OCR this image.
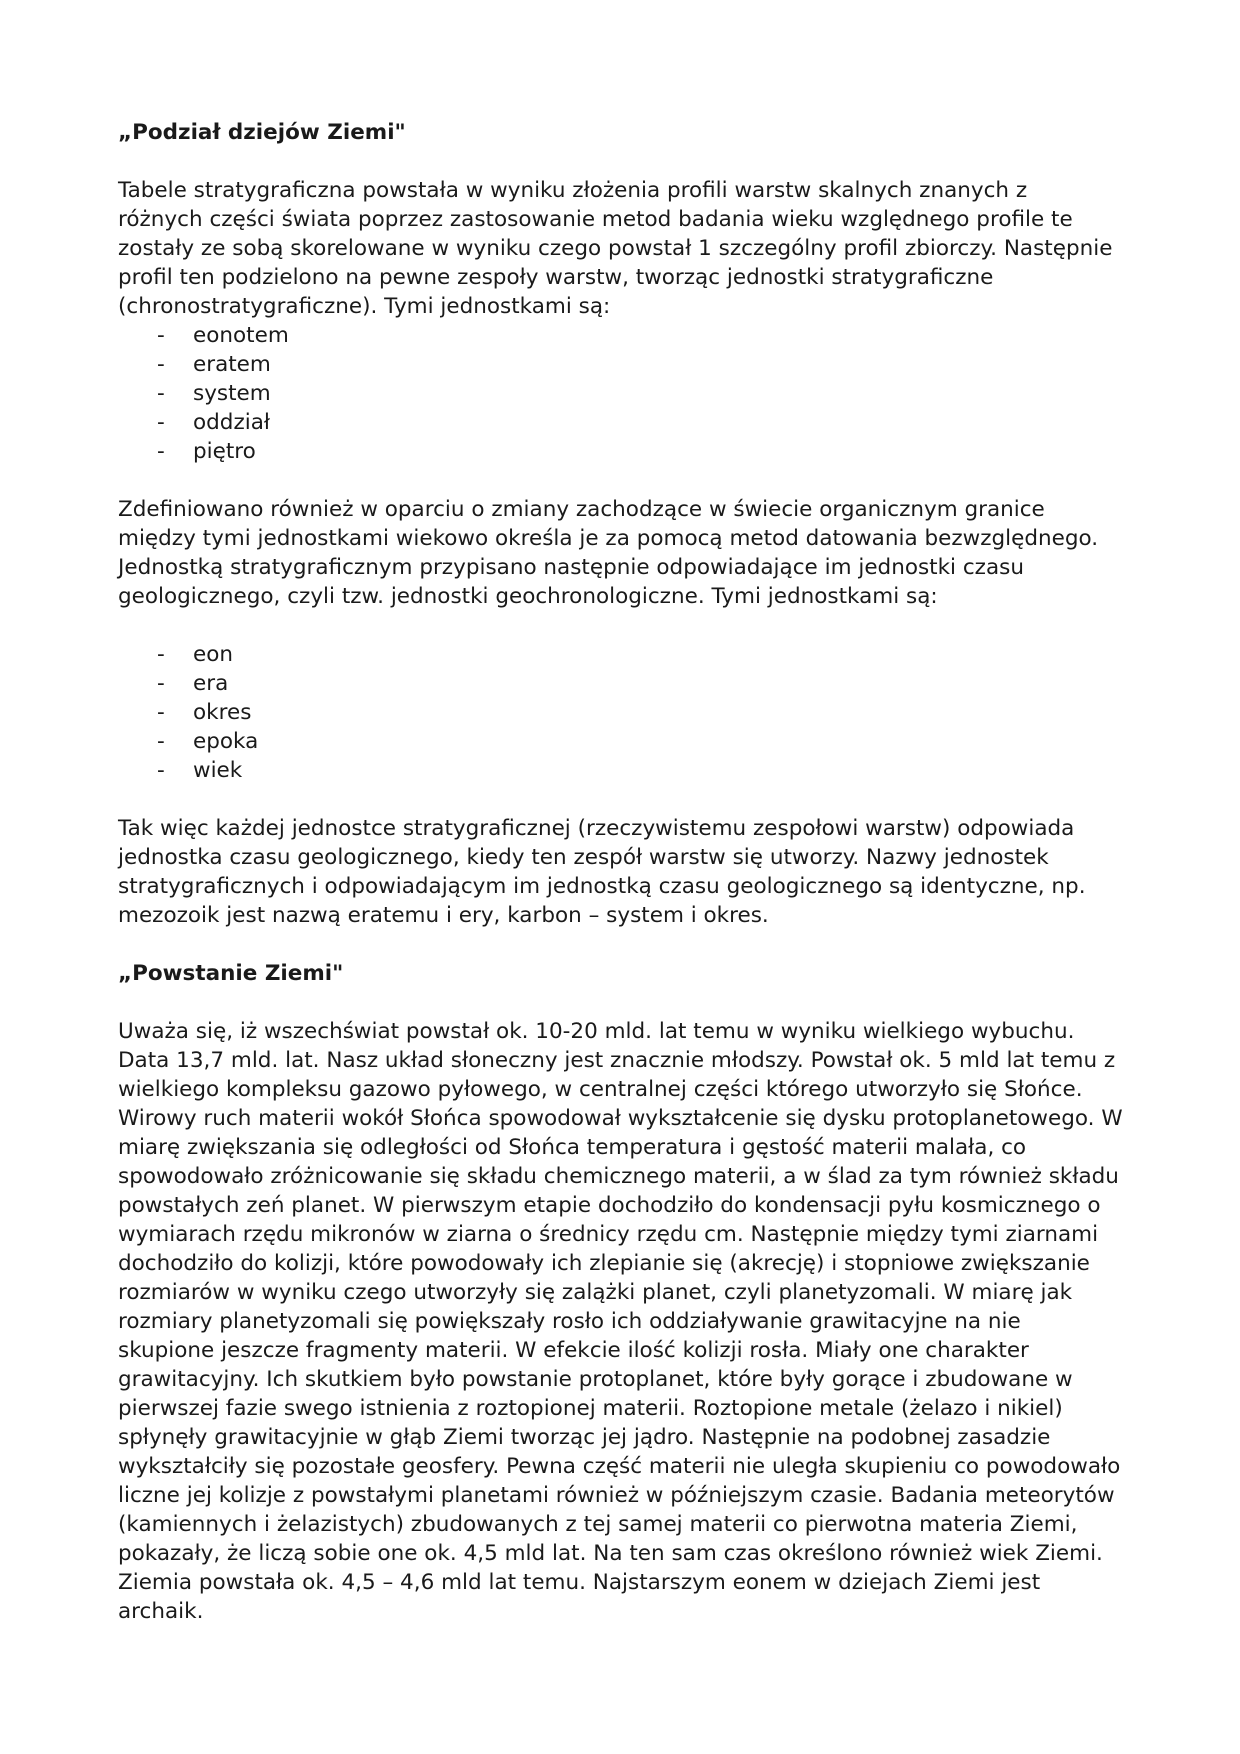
„Podział dziejów Ziemi"

Tabele stratygraficzna powstała w wyniku złożenia profili warstw skalnych znanych z różnych części świata poprzez zastosowanie metod badania wieku względnego profile te zostały ze sobą skorelowane w wyniku czego powstał 1 szczególny profil zbiorczy. Następnie profil ten podzielono na pewne zespoły warstw, tworząc jednostki stratygraficzne (chronostratygraficzne). Tymi jednostkami są:

- eonotem
- eratem
- system
- oddział
- piętro

Zdefiniowano również w oparciu o zmiany zachodzące w świecie organicznym granice między tymi jednostkami wiekowo określa je za pomocą metod datowania bezwzględnego. Jednostką stratygraficznym przypisano następnie odpowiadające im jednostki czasu geologicznego, czyli tzw. jednostki geochronologiczne. Tymi jednostkami są:

- eon
- era
- okres
- epoka
- wiek

Tak więc każdej jednostce stratygraficznej (rzeczywistemu zespołowi warstw) odpowiada jednostka czasu geologicznego, kiedy ten zespół warstw się utworzy. Nazwy jednostek stratygraficznych i odpowiadającym im jednostką czasu geologicznego są identyczne, np. mezozoik jest nazwą eratemu i ery, karbon – system i okres.

„Powstanie Ziemi"

Uważa się, iż wszechświat powstał ok. 10-20 mld. lat temu w wyniku wielkiego wybuchu. Data 13,7 mld. lat. Nasz układ słoneczny jest znacznie młodszy. Powstał ok. 5 mld lat temu z wielkiego kompleksu gazowo pyłowego, w centralnej części którego utworzyło się Słońce. Wirowy ruch materii wokół Słońca spowodował wykształcenie się dysku protoplanetowego. W miarę zwiększania się odległości od Słońca temperatura i gęstość materii malała, co spowodowało zróżnicowanie się składu chemicznego materii, a w ślad za tym również składu powstałych zeń planet. W pierwszym etapie dochodziło do kondensacji pyłu kosmicznego o wymiarach rzędu mikronów w ziarna o średnicy rzędu cm. Następnie między tymi ziarnami dochodziło do kolizji, które powodowały ich zlepianie się (akrecję) i stopniowe zwiększanie rozmiarów w wyniku czego utworzyły się zalążki planet, czyli planetyzomali. W miarę jak rozmiary planetyzomali się powiększały rosło ich oddziaływanie grawitacyjne na nie skupione jeszcze fragmenty materii. W efekcie ilość kolizji rosła. Miały one charakter grawitacyjny. Ich skutkiem było powstanie protoplanet, które były gorące i zbudowane w pierwszej fazie swego istnienia z roztopionej materii. Roztopione metale (żelazo i nikiel) spłynęły grawitacyjnie w głąb Ziemi tworząc jej jądro. Następnie na podobnej zasadzie wykształciły się pozostałe geosfery. Pewna część materii nie uległa skupieniu co powodowało liczne jej kolizje z powstałymi planetami również w późniejszym czasie. Badania meteorytów (kamiennych i żelazistych) zbudowanych z tej samej materii co pierwotna materia Ziemi, pokazały, że liczą sobie one ok. 4,5 mld lat. Na ten sam czas określono również wiek Ziemi. Ziemia powstała ok. 4,5 – 4,6 mld lat temu. Najstarszym eonem w dziejach Ziemi jest archaik.
